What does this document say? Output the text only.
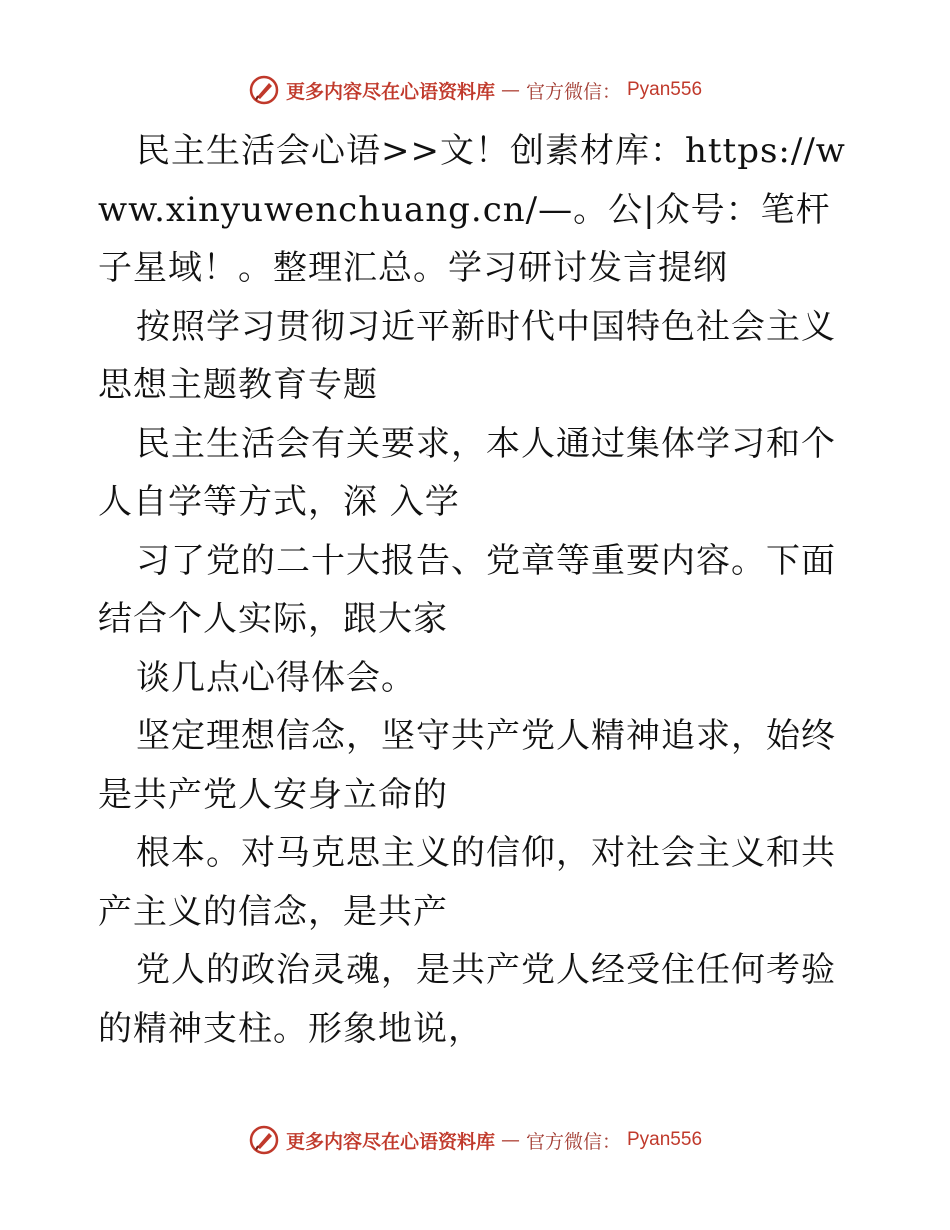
更多内容尽在心语资料库 — 官方微信： Pyan556

民主生活会心语>>文！创素材库：https://www.xinyuwenchuang.cn/—。公|众号：笔杆子星域！。整理汇总。学习研讨发言提纲

按照学习贯彻习近平新时代中国特色社会主义思想主题教育专题

民主生活会有关要求，本人通过集体学习和个人自学等方式，深 入学

习了党的二十大报告、党章等重要内容。下面结合个人实际，跟大家

谈几点心得体会。

坚定理想信念，坚守共产党人精神追求，始终是共产党人安身立命的

根本。对马克思主义的信仰，对社会主义和共产主义的信念，是共产

党人的政治灵魂，是共产党人经受住任何考验的精神支柱。形象地说，

更多内容尽在心语资料库 — 官方微信： Pyan556
